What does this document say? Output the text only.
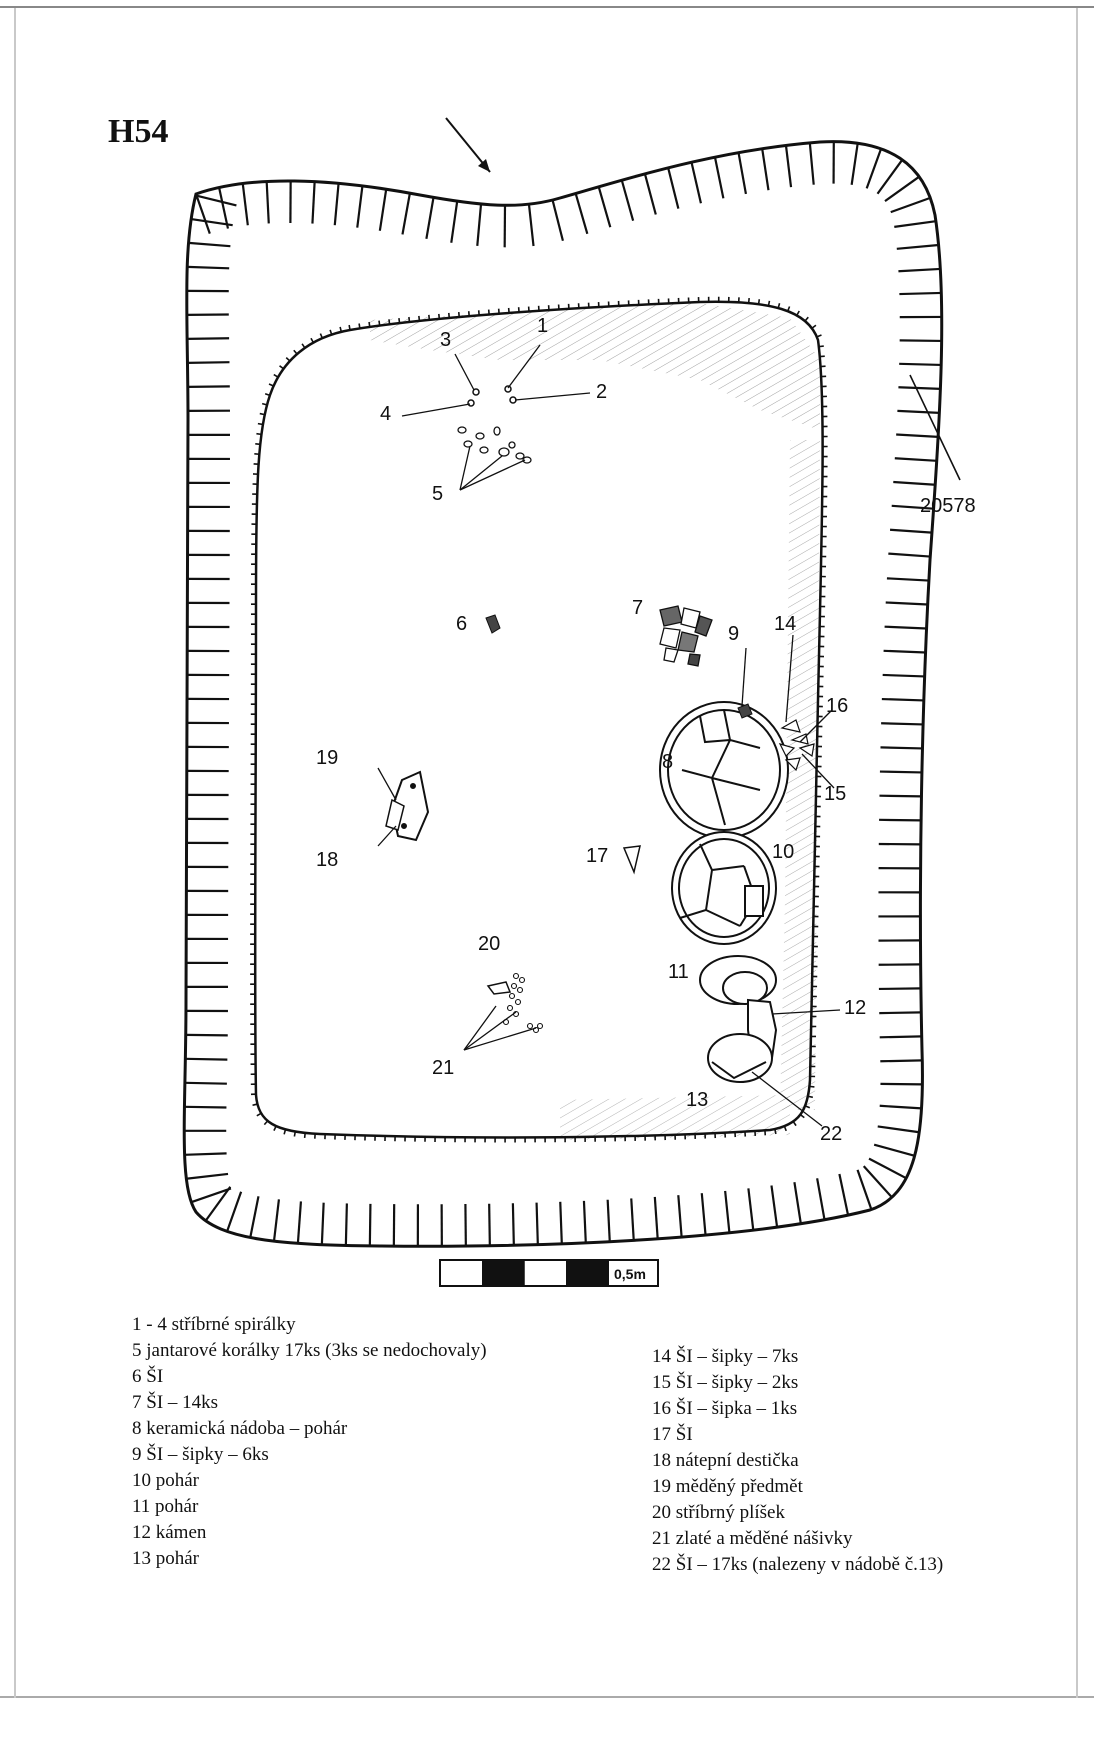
H54
20578
1
2
3
4
5
6
7
8
9
10
11
12
13
14
15
16
17
18
19
20
21
22
0,5m
1 - 4 stříbrné spirálky
5 jantarové korálky 17ks (3ks se nedochovaly)
6 ŠI
7 ŠI – 14ks
8 keramická nádoba – pohár
9 ŠI – šipky – 6ks
10 pohár
11 pohár
12 kámen
13 pohár
14 ŠI – šipky – 7ks
15 ŠI – šipky – 2ks
16 ŠI – šipka – 1ks
17 ŠI
18 nátepní destička
19 měděný předmět
20 stříbrný plíšek
21 zlaté a měděné nášivky
22 ŠI – 17ks (nalezeny v nádobě č.13)
